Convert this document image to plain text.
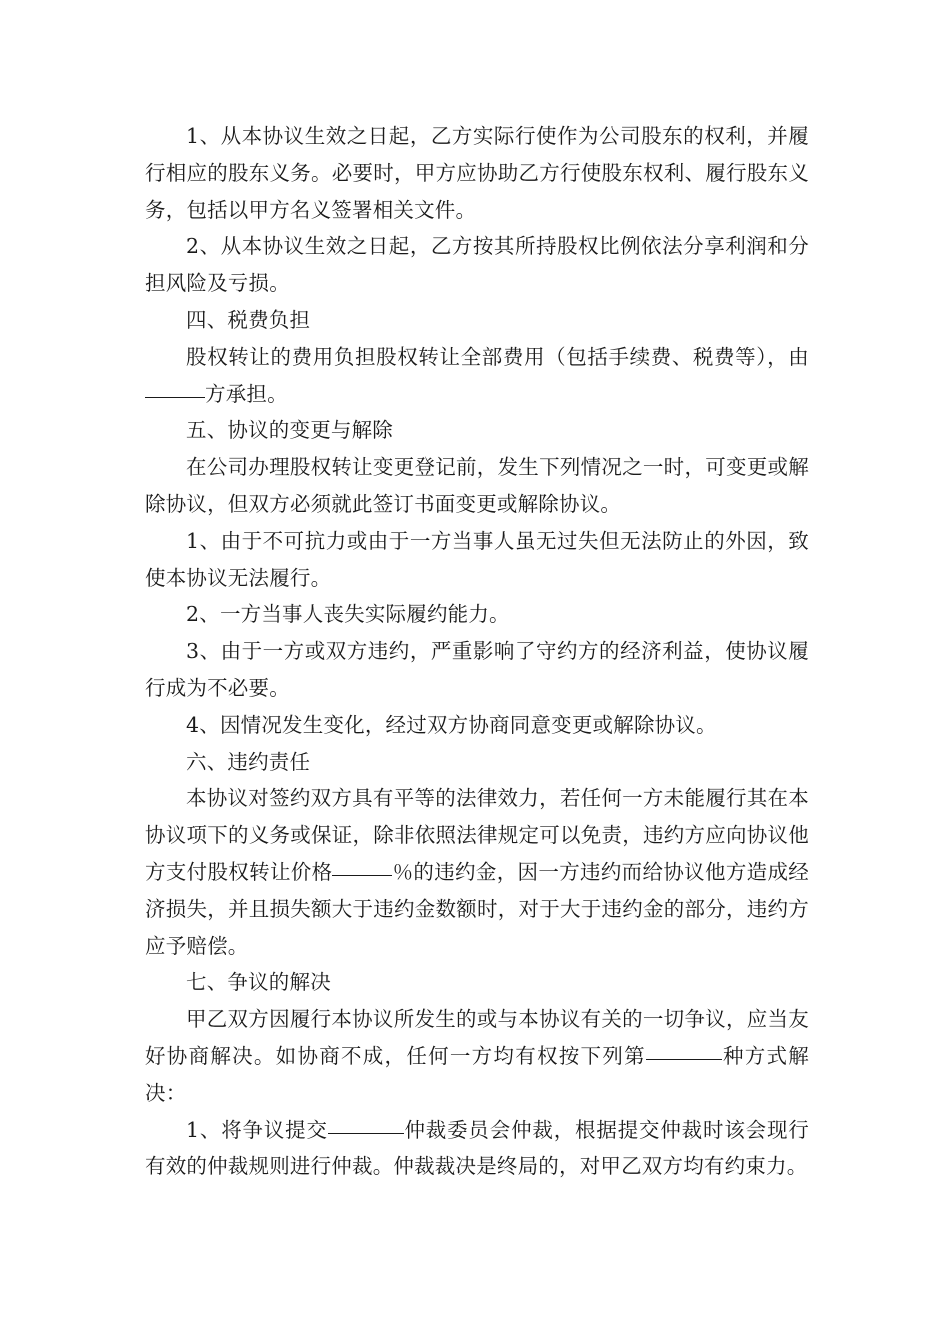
1、从本协议生效之日起，乙方实际行使作为公司股东的权利，并履行相应的股东义务。必要时，甲方应协助乙方行使股东权利、履行股东义务，包括以甲方名义签署相关文件。

2、从本协议生效之日起，乙方按其所持股权比例依法分享利润和分担风险及亏损。

四、税费负担

股权转让的费用负担股权转让全部费用（包括手续费、税费等），由方承担。

五、协议的变更与解除

在公司办理股权转让变更登记前，发生下列情况之一时，可变更或解除协议，但双方必须就此签订书面变更或解除协议。

1、由于不可抗力或由于一方当事人虽无过失但无法防止的外因，致使本协议无法履行。

2、一方当事人丧失实际履约能力。

3、由于一方或双方违约，严重影响了守约方的经济利益，使协议履行成为不必要。

4、因情况发生变化，经过双方协商同意变更或解除协议。

六、违约责任

本协议对签约双方具有平等的法律效力，若任何一方未能履行其在本协议项下的义务或保证，除非依照法律规定可以免责，违约方应向协议他方支付股权转让价格	％的违约金，因一方违约而给协议他方造成经济损失，并且损失额大于违约金数额时，对于大于违约金的部分，违约方应予赔偿。

七、争议的解决

甲乙双方因履行本协议所发生的或与本协议有关的一切争议，应当友好协商解决。如协商不成，任何一方均有权按下列第	种方式解决：

1、将争议提交	仲裁委员会仲裁，根据提交仲裁时该会现行有效的仲裁规则进行仲裁。仲裁裁决是终局的，对甲乙双方均有约束力。
